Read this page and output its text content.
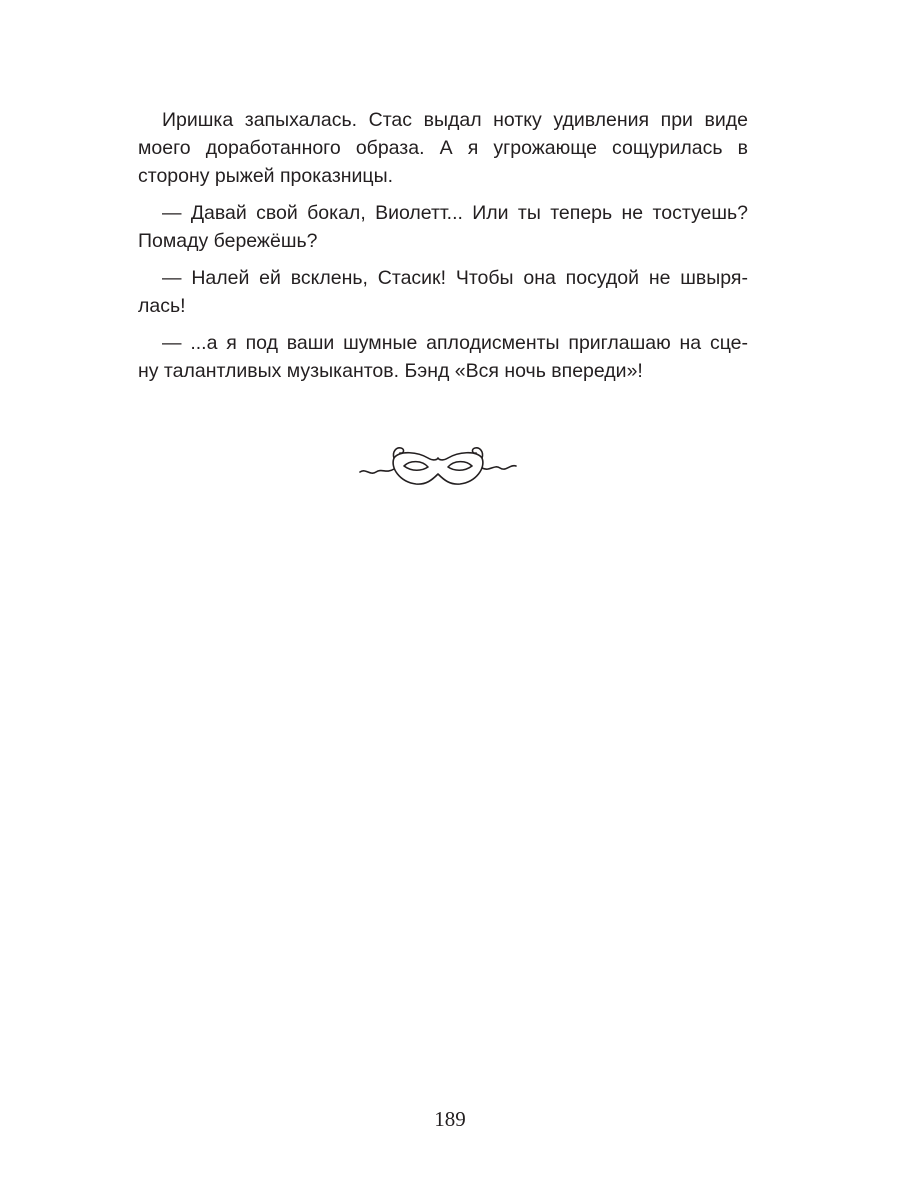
Иришка запыхалась. Стас выдал нотку удивления при виде
моего доработанного образа. А я угрожающе сощурилась в
сторону рыжей проказницы.
— Давай свой бокал, Виолетт... Или ты теперь не тостуешь?
Помаду бережёшь?
— Налей ей всклень, Стасик! Чтобы она посудой не швыря-
лась!
— ...а я под ваши шумные аплодисменты приглашаю на сце-
ну талантливых музыкантов. Бэнд «Вся ночь впереди»!
189
